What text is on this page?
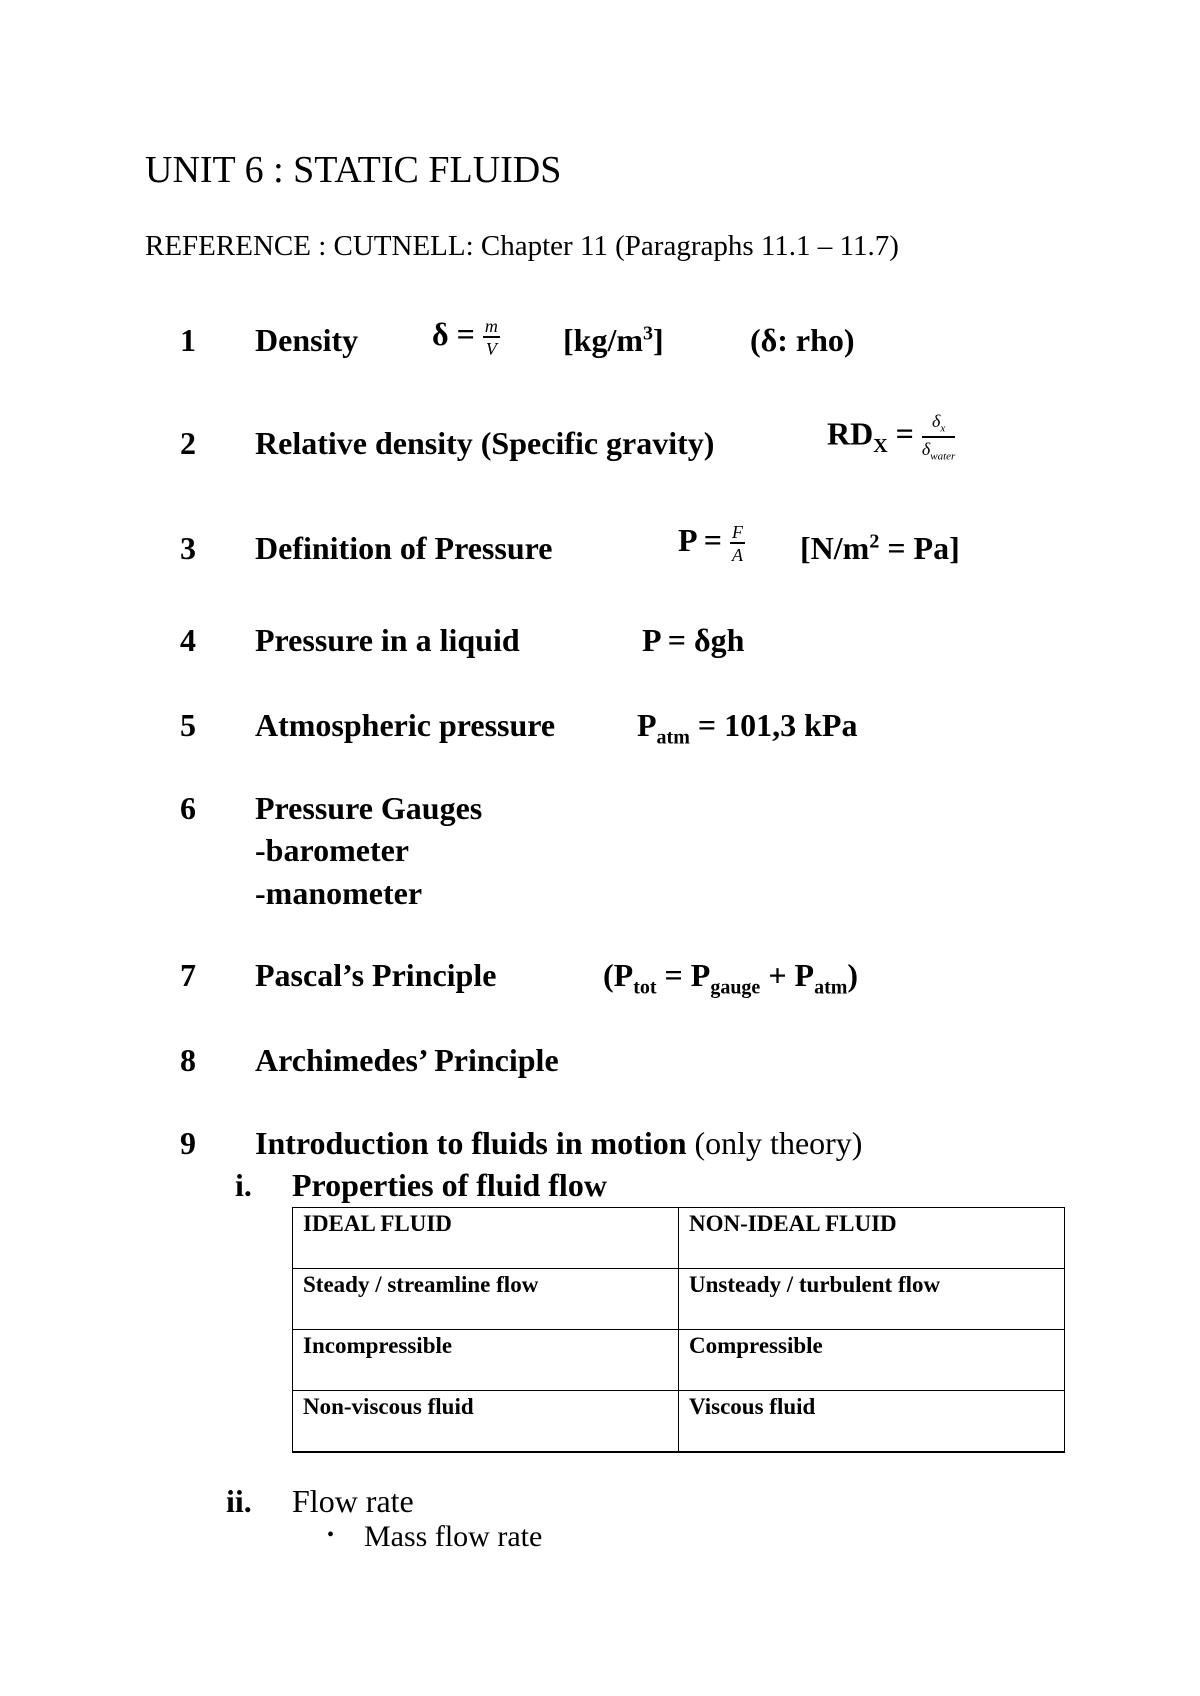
UNIT 6 : STATIC FLUIDS
REFERENCE : CUTNELL: Chapter 11 (Paragraphs 11.1 – 11.7)
1 Density $\delta = \frac{m}{V} [kg/m^3]$	(δ: rho)
2 Relative density (Specific gravity)	$RD_X = \frac{\delta_x}{\delta_{water}}$
3 Definition of Pressure	$P = \frac{F}{A} [N/m^2 = Pa]$
4 Pressure in a liquid	P = δgh
5 Atmospheric pressure	$P_{atm} = 101,3$ kPa
6 Pressure Gauges
-barometer
-manometer
7 Pascal’s Principle	$(P_{tot} = P_{gauge} + P_{atm})$
8 Archimedes’ Principle
9 Introduction to fluids in motion (only theory)
i. Properties of fluid flow
IDEAL FLUID	NON-IDEAL FLUID
Steady / streamline flow	Unsteady / turbulent flow
Incompressible	Compressible
Non-viscous fluid	Viscous fluid
ii. Flow rate
• Mass flow rate
